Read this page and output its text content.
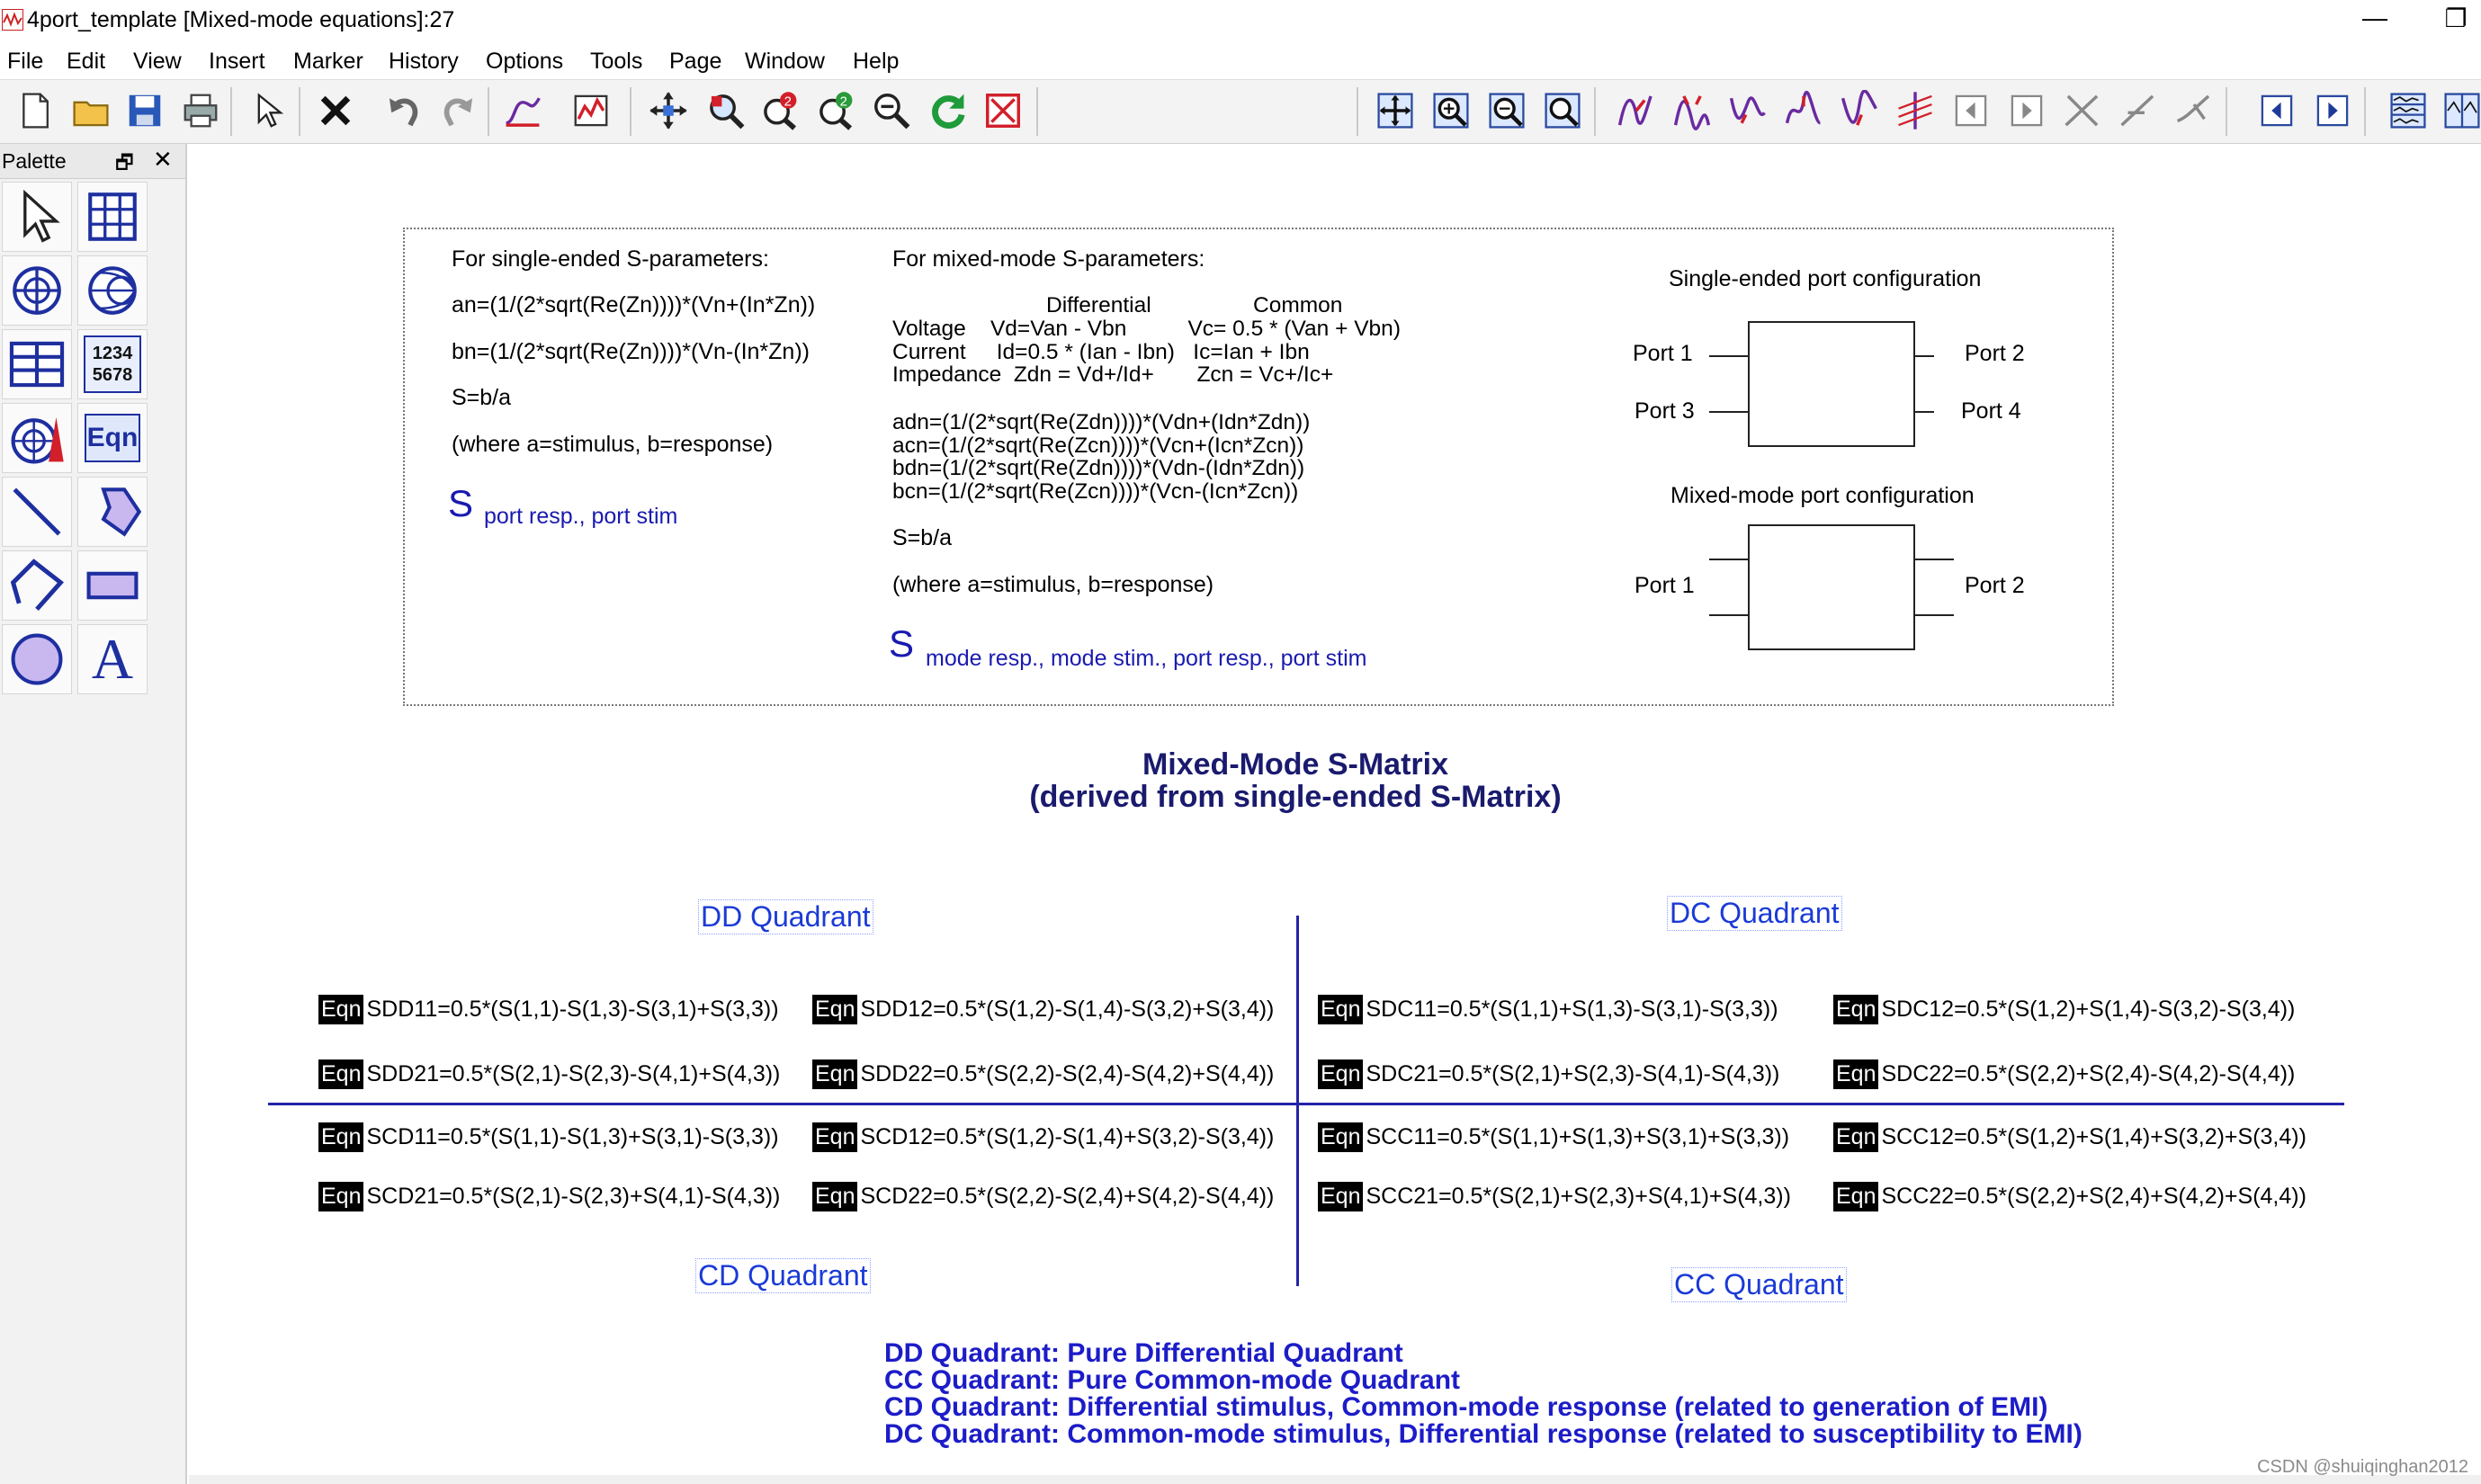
4port_template [Mixed-mode equations]:27	— ❐
File Edit View Insert Marker History Options Tools Page Window Help
2	2
Palette 🗗 ✕
1234
5678
Eqn
A
For single-ended S-parameters:
an=(1/(2*sqrt(Re(Zn))))*(Vn+(In*Zn))
bn=(1/(2*sqrt(Re(Zn))))*(Vn-(In*Zn))
S=b/a
(where a=stimulus, b=response)
S port resp., port stim
For mixed-mode S-parameters:
Differential	Common
Voltage    Vd=Van - Vbn          Vc= 0.5 * (Van + Vbn)
Current     Id=0.5 * (Ian - Ibn)   Ic=Ian + Ibn
Impedance  Zdn = Vd+/Id+       Zcn = Vc+/Ic+
adn=(1/(2*sqrt(Re(Zdn))))*(Vdn+(Idn*Zdn))
acn=(1/(2*sqrt(Re(Zcn))))*(Vcn+(Icn*Zcn))
bdn=(1/(2*sqrt(Re(Zdn))))*(Vdn-(Idn*Zdn))
bcn=(1/(2*sqrt(Re(Zcn))))*(Vcn-(Icn*Zcn))
S=b/a
(where a=stimulus, b=response)
S mode resp., mode stim., port resp., port stim
Single-ended port configuration
Port 1	Port 2
Port 3	Port 4
Mixed-mode port configuration
Port 1	Port 2
Mixed-Mode S-Matrix
(derived from single-ended S-Matrix)
DD Quadrant	DC Quadrant
CD Quadrant	CC Quadrant
Eqn SDD11=0.5*(S(1,1)-S(1,3)-S(3,1)+S(3,3)) Eqn SDD12=0.5*(S(1,2)-S(1,4)-S(3,2)+S(3,4)) Eqn SDC11=0.5*(S(1,1)+S(1,3)-S(3,1)-S(3,3))	Eqn SDC12=0.5*(S(1,2)+S(1,4)-S(3,2)-S(3,4))
Eqn SDD21=0.5*(S(2,1)-S(2,3)-S(4,1)+S(4,3)) Eqn SDD22=0.5*(S(2,2)-S(2,4)-S(4,2)+S(4,4)) Eqn SDC21=0.5*(S(2,1)+S(2,3)-S(4,1)-S(4,3))	Eqn SDC22=0.5*(S(2,2)+S(2,4)-S(4,2)-S(4,4))
Eqn SCD11=0.5*(S(1,1)-S(1,3)+S(3,1)-S(3,3)) Eqn SCD12=0.5*(S(1,2)-S(1,4)+S(3,2)-S(3,4)) Eqn SCC11=0.5*(S(1,1)+S(1,3)+S(3,1)+S(3,3)) Eqn SCC12=0.5*(S(1,2)+S(1,4)+S(3,2)+S(3,4))
Eqn SCD21=0.5*(S(2,1)-S(2,3)+S(4,1)-S(4,3)) Eqn SCD22=0.5*(S(2,2)-S(2,4)+S(4,2)-S(4,4)) Eqn SCC21=0.5*(S(2,1)+S(2,3)+S(4,1)+S(4,3)) Eqn SCC22=0.5*(S(2,2)+S(2,4)+S(4,2)+S(4,4))
DD Quadrant: Pure Differential Quadrant
CC Quadrant: Pure Common-mode Quadrant
CD Quadrant: Differential stimulus, Common-mode response (related to generation of EMI)
DC Quadrant: Common-mode stimulus, Differential response (related to susceptibility to EMI)
CSDN @shuiqinghan2012
